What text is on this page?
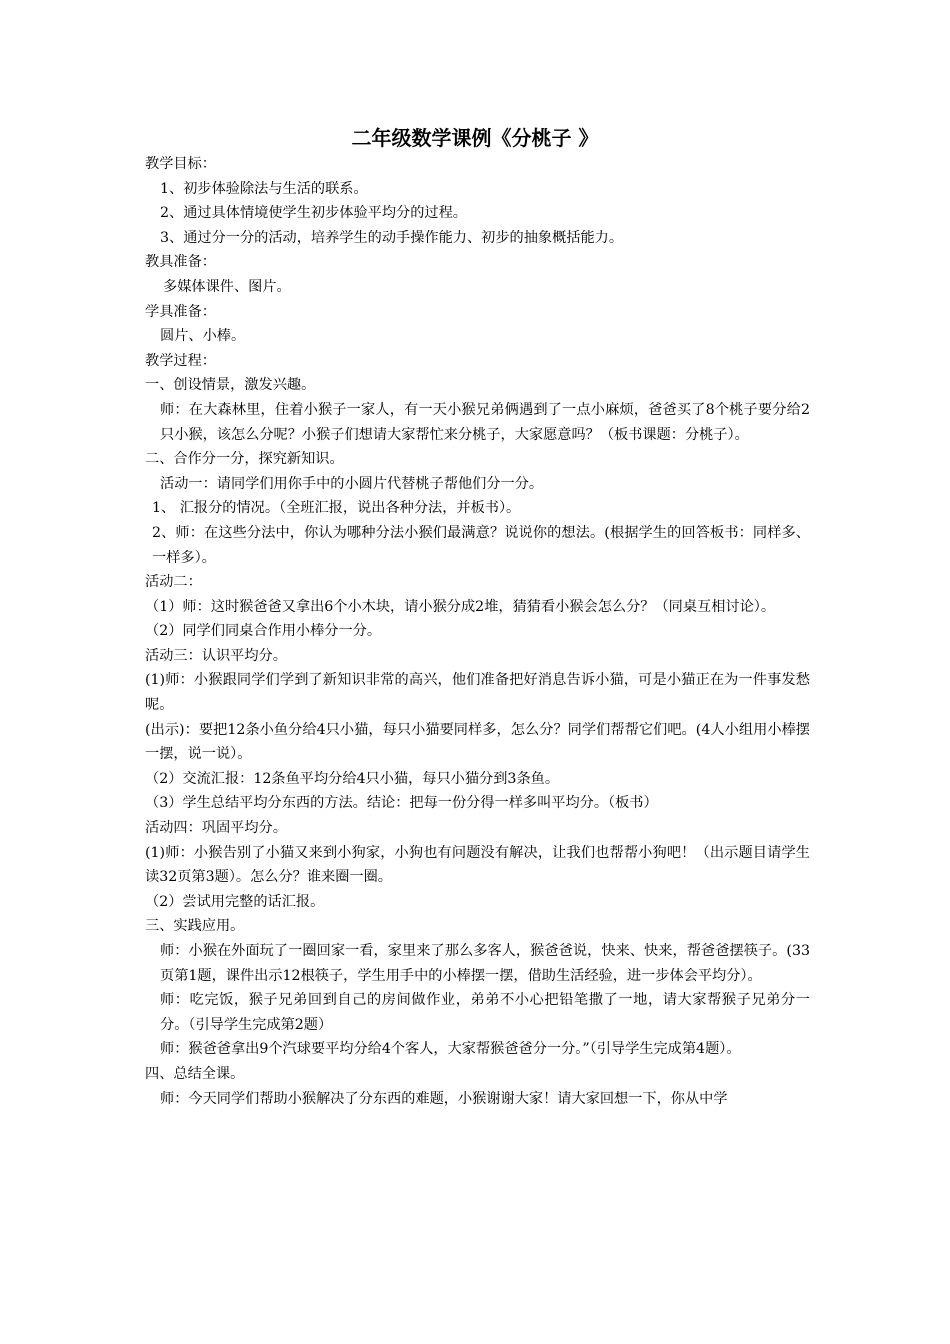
二年级数学课例《分桃子 》

教学目标：

1、初步体验除法与生活的联系。

2、通过具体情境使学生初步体验平均分的过程。

3、通过分一分的活动，培养学生的动手操作能力、初步的抽象概括能力。

教具准备：

多媒体课件、图片。

学具准备：

圆片、小棒。

教学过程：

一、创设情景，激发兴趣。

师：在大森林里，住着小猴子一家人，有一天小猴兄弟俩遇到了一点小麻烦，爸爸买了8个桃子要分给2只小猴，该怎么分呢？小猴子们想请大家帮忙来分桃子，大家愿意吗？（板书课题：分桃子）。

二、合作分一分，探究新知识。

活动一：请同学们用你手中的小圆片代替桃子帮他们分一分。

1、 汇报分的情况。（全班汇报，说出各种分法，并板书）。

2、师：在这些分法中，你认为哪种分法小猴们最满意？说说你的想法。(根据学生的回答板书：同样多、一样多）。

活动二：

（1）师：这时猴爸爸又拿出6个小木块，请小猴分成2堆，猜猜看小猴会怎么分？（同桌互相讨论）。

（2）同学们同桌合作用小棒分一分。

活动三：认识平均分。

(1)师：小猴跟同学们学到了新知识非常的高兴，他们准备把好消息告诉小猫，可是小猫正在为一件事发愁呢。

(出示)：要把12条小鱼分给4只小猫，每只小猫要同样多，怎么分？同学们帮帮它们吧。(4人小组用小棒摆一摆，说一说）。

（2）交流汇报：12条鱼平均分给4只小猫，每只小猫分到3条鱼。

（3）学生总结平均分东西的方法。结论：把每一份分得一样多叫平均分。（板书）

活动四：巩固平均分。

(1)师：小猴告别了小猫又来到小狗家，小狗也有问题没有解决，让我们也帮帮小狗吧！（出示题目请学生读32页第3题）。怎么分？谁来圈一圈。

（2）尝试用完整的话汇报。

三、实践应用。

师：小猴在外面玩了一圈回家一看，家里来了那么多客人，猴爸爸说，快来、快来，帮爸爸摆筷子。(33页第1题，课件出示12根筷子，学生用手中的小棒摆一摆，借助生活经验，进一步体会平均分）。

师：吃完饭，猴子兄弟回到自己的房间做作业，弟弟不小心把铅笔撒了一地，请大家帮猴子兄弟分一分。（引导学生完成第2题）

师：猴爸爸拿出9个汽球要平均分给4个客人，大家帮猴爸爸分一分。”（引导学生完成第4题）。

四、总结全课。

师：今天同学们帮助小猴解决了分东西的难题，小猴谢谢大家！请大家回想一下，你从中学
